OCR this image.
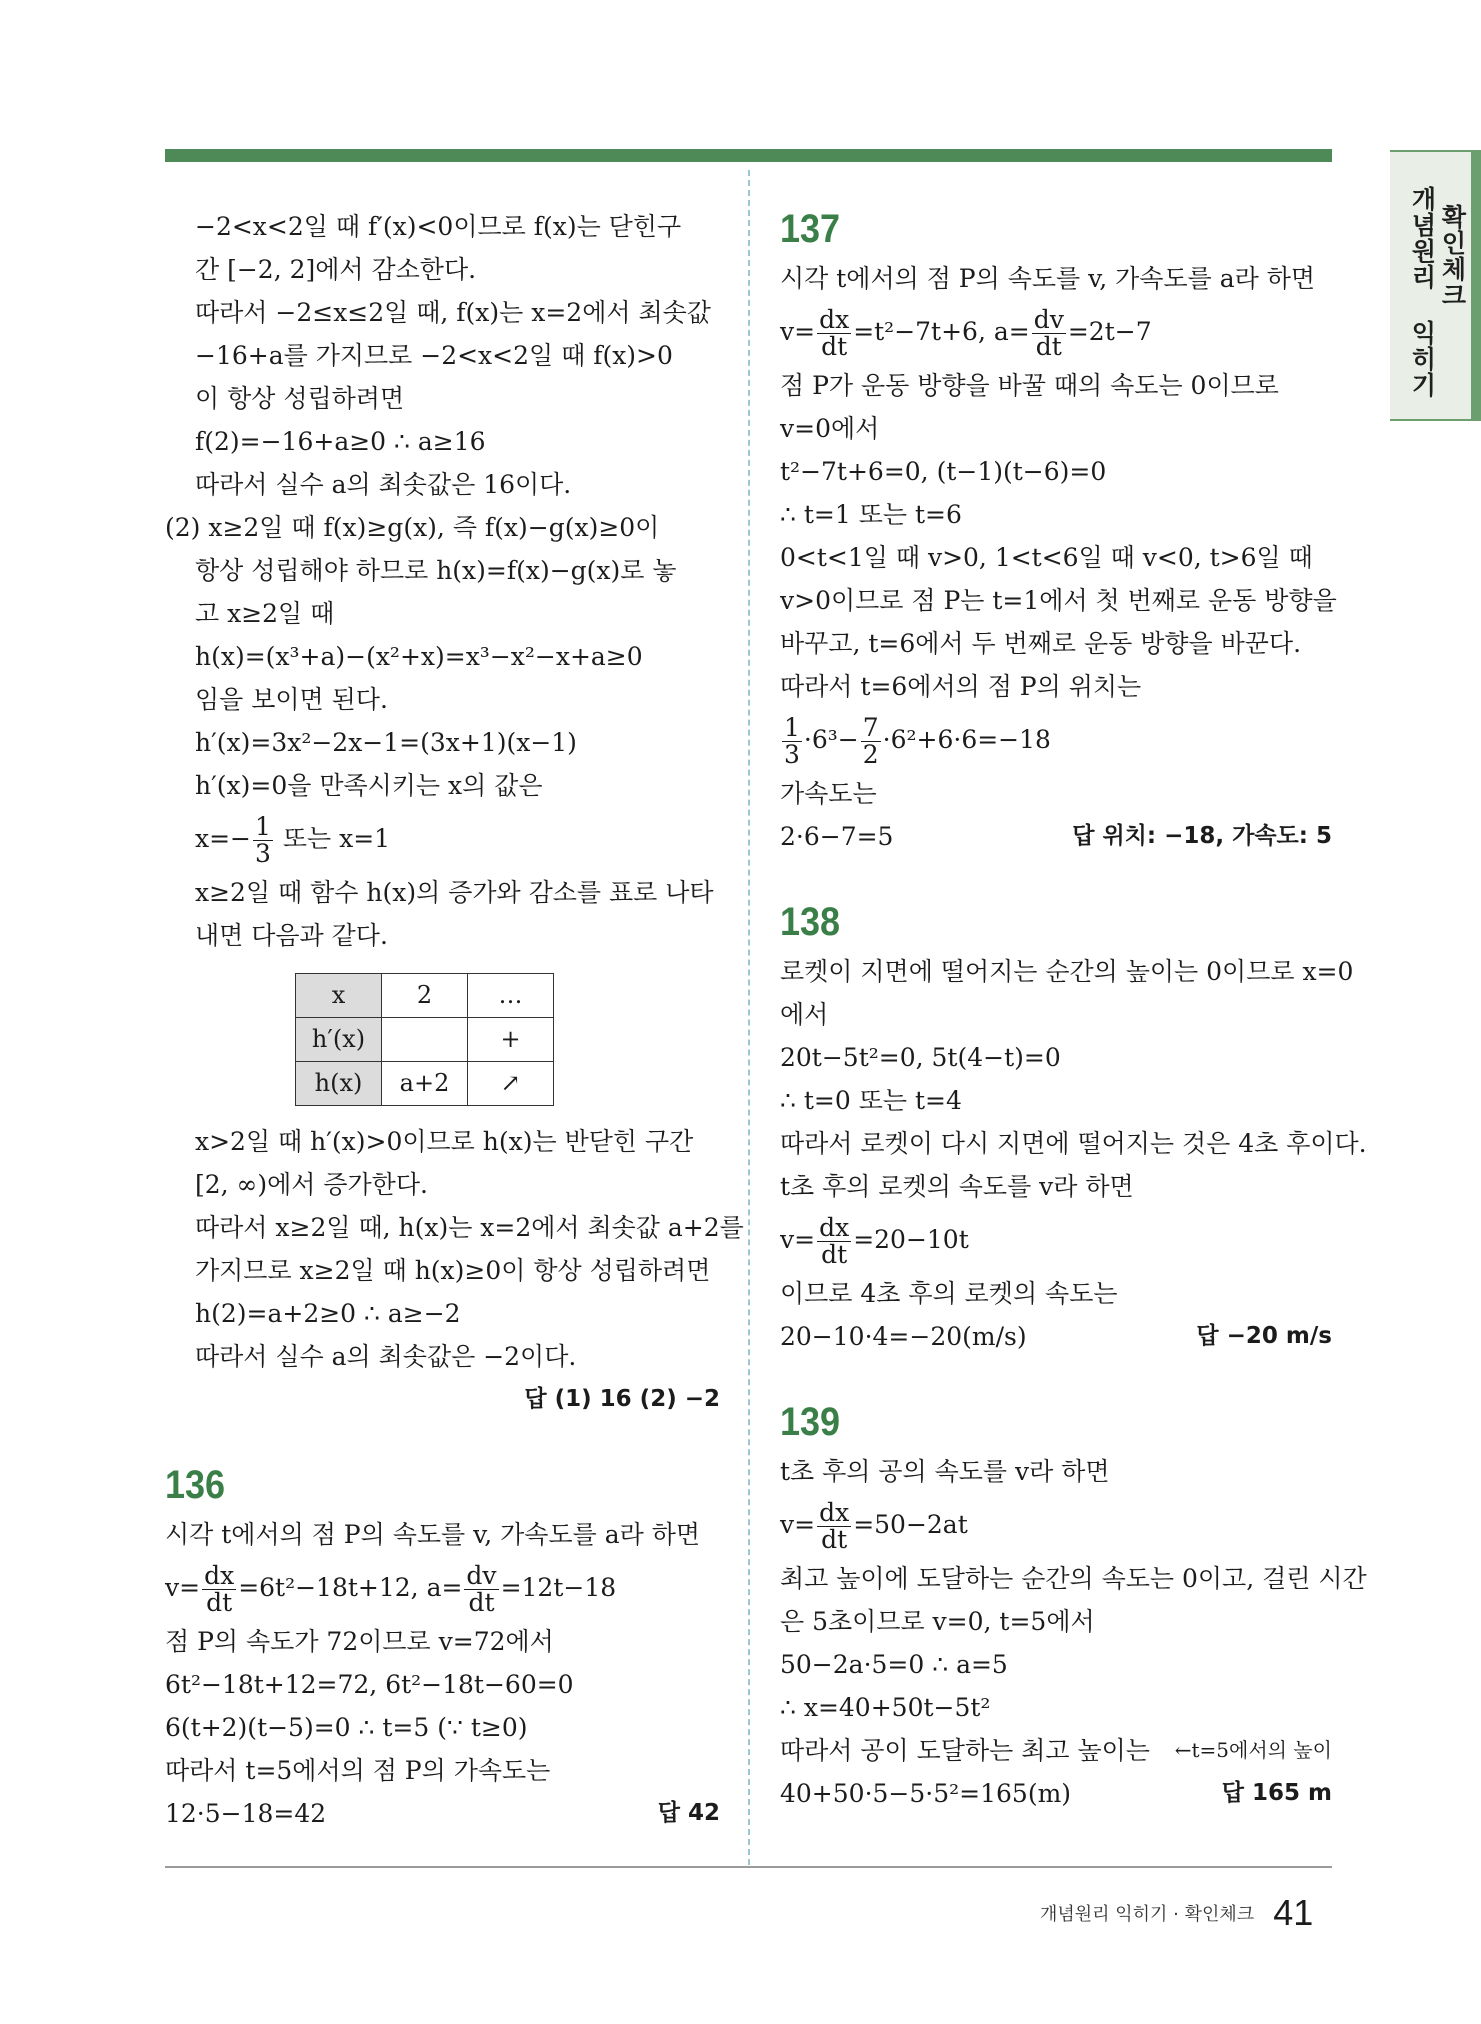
개념원리 익히기 확인체크
−2<x<2일 때 f′(x)<0이므로 f(x)는 닫힌구
간 [−2, 2]에서 감소한다.
따라서 −2≤x≤2일 때, f(x)는 x=2에서 최솟값
−16+a를 가지므로 −2<x<2일 때 f(x)>0
이 항상 성립하려면
f(2)=−16+a≥0 ∴ a≥16
따라서 실수 a의 최솟값은 16이다.
(2) x≥2일 때 f(x)≥g(x), 즉 f(x)−g(x)≥0이
항상 성립해야 하므로 h(x)=f(x)−g(x)로 놓
고 x≥2일 때
h(x)=(x³+a)−(x²+x)=x³−x²−x+a≥0
임을 보이면 된다.
h′(x)=3x²−2x−1=(3x+1)(x−1)
h′(x)=0을 만족시키는 x의 값은
$x=- \frac{1}{3}$ 또는 x=1
x≥2일 때 함수 h(x)의 증가와 감소를 표로 나타
내면 다음과 같다.
x	2	…
h′(x)		+
h(x)	a+2	↗
x>2일 때 h′(x)>0이므로 h(x)는 반닫힌 구간
[2, ∞)에서 증가한다.
따라서 x≥2일 때, h(x)는 x=2에서 최솟값 a+2를
가지므로 x≥2일 때 h(x)≥0이 항상 성립하려면
h(2)=a+2≥0 ∴ a≥−2
따라서 실수 a의 최솟값은 −2이다.
답 (1) 16 (2) −2
136
시각 t에서의 점 P의 속도를 v, 가속도를 a라 하면
$v= \frac{dx}{dt} =6t^2-18t+12$, $a= \frac{dv}{dt} =12t-18$
점 P의 속도가 72이므로 v=72에서
6t²−18t+12=72, 6t²−18t−60=0
6(t+2)(t−5)=0 ∴ t=5 (∵ t≥0)
따라서 t=5에서의 점 P의 가속도는
12·5−18=42	답 42
137
시각 t에서의 점 P의 속도를 v, 가속도를 a라 하면
$v= \frac{dx}{dt} =t^2-7t+6$, $a= \frac{dv}{dt} =2t-7$
점 P가 운동 방향을 바꿀 때의 속도는 0이므로
v=0에서
t²−7t+6=0, (t−1)(t−6)=0
∴ t=1 또는 t=6
0<t<1일 때 v>0, 1<t<6일 때 v<0, t>6일 때
v>0이므로 점 P는 t=1에서 첫 번째로 운동 방향을
바꾸고, t=6에서 두 번째로 운동 방향을 바꾼다.
따라서 t=6에서의 점 P의 위치는
$\frac{1}{3} \cdot 6^3- \frac{7}{2} \cdot 6^2+6\cdot 6=-18$
가속도는
2·6−7=5	답 위치: −18, 가속도: 5
138
로켓이 지면에 떨어지는 순간의 높이는 0이므로 x=0
에서
20t−5t²=0, 5t(4−t)=0
∴ t=0 또는 t=4
따라서 로켓이 다시 지면에 떨어지는 것은 4초 후이다.
t초 후의 로켓의 속도를 v라 하면
$v= \frac{dx}{dt} =20-10t$
이므로 4초 후의 로켓의 속도는
20−10·4=−20(m/s)	답 −20 m/s
139
t초 후의 공의 속도를 v라 하면
$v= \frac{dx}{dt} =50-2at$
최고 높이에 도달하는 순간의 속도는 0이고, 걸린 시간
은 5초이므로 v=0, t=5에서
50−2a·5=0 ∴ a=5
∴ x=40+50t−5t²
따라서 공이 도달하는 최고 높이는 ←t=5에서의 높이
40+50·5−5·5²=165(m)	답 165 m
개념원리 익히기 · 확인체크 41
